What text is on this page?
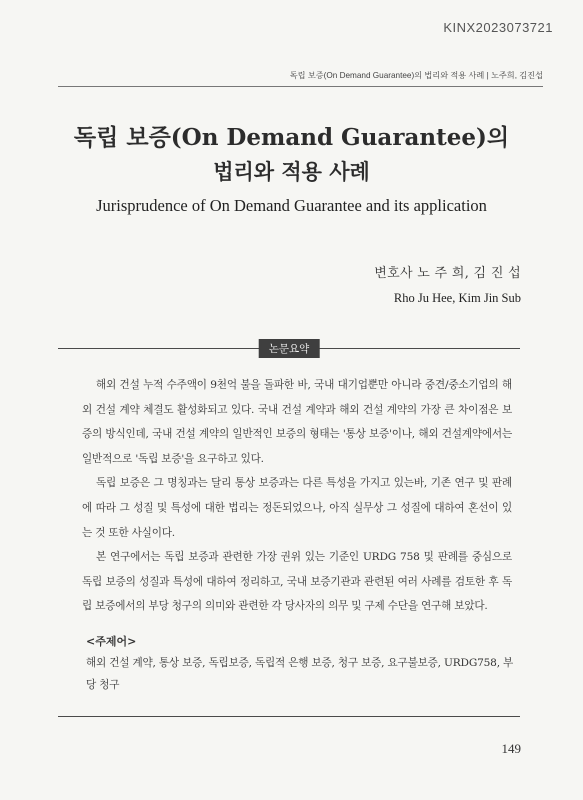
KINX2023073721
독립 보증(On Demand Guarantee)의 법리와 적용 사례 | 노주희, 김진섭
독립 보증(On Demand Guarantee)의
법리와 적용 사례
Jurisprudence of On Demand Guarantee and its application
변호사 노 주 희, 김 진 섭
Rho Ju Hee, Kim Jin Sub
논문요약

해외 건설 누적 수주액이 9천억 불을 돌파한 바, 국내 대기업뿐만 아니라 중견/중소기업의 해외 건설 계약 체결도 활성화되고 있다. 국내 건설 계약과 해외 건설 계약의 가장 큰 차이점은 보증의 방식인데, 국내 건설 계약의 일반적인 보증의 형태는 '통상 보증'이나, 해외 건설계약에서는 일반적으로 '독립 보증'을 요구하고 있다.

독립 보증은 그 명칭과는 달리 통상 보증과는 다른 특성을 가지고 있는바, 기존 연구 및 판례에 따라 그 성질 및 특성에 대한 법리는 정돈되었으나, 아직 실무상 그 성질에 대하여 혼선이 있는 것 또한 사실이다.

본 연구에서는 독립 보증과 관련한 가장 권위 있는 기준인 URDG 758 및 판례를 중심으로 독립 보증의 성질과 특성에 대하여 정리하고, 국내 보증기관과 관련된 여러 사례를 검토한 후 독립 보증에서의 부당 청구의 의미와 관련한 각 당사자의 의무 및 구제 수단을 연구해 보았다.

<주제어>
해외 건설 계약, 통상 보증, 독립보증, 독립적 은행 보증, 청구 보증, 요구불보증, URDG758, 부당 청구
149
